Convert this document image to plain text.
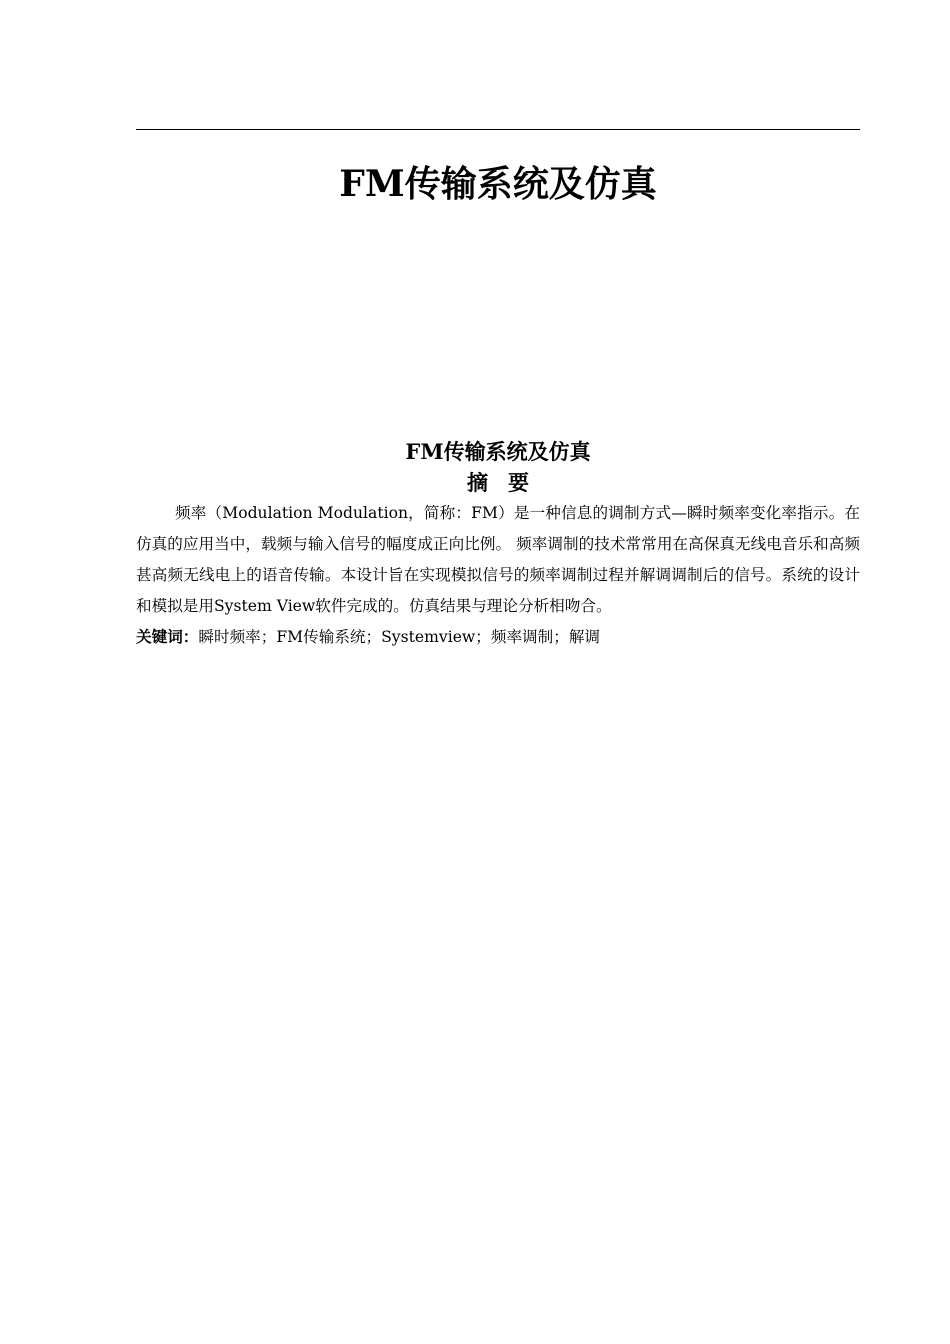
FM传输系统及仿真
FM传输系统及仿真
摘要

频率（Modulation Modulation，简称：FM）是一种信息的调制方式—瞬时频率变化率指示。在仿真的应用当中，载频与输入信号的幅度成正向比例。 频率调制的技术常常用在高保真无线电音乐和高频甚高频无线电上的语音传输。本设计旨在实现模拟信号的频率调制过程并解调调制后的信号。系统的设计和模拟是用System View软件完成的。仿真结果与理论分析相吻合。

关键词：瞬时频率；FM传输系统；Systemview；频率调制；解调
